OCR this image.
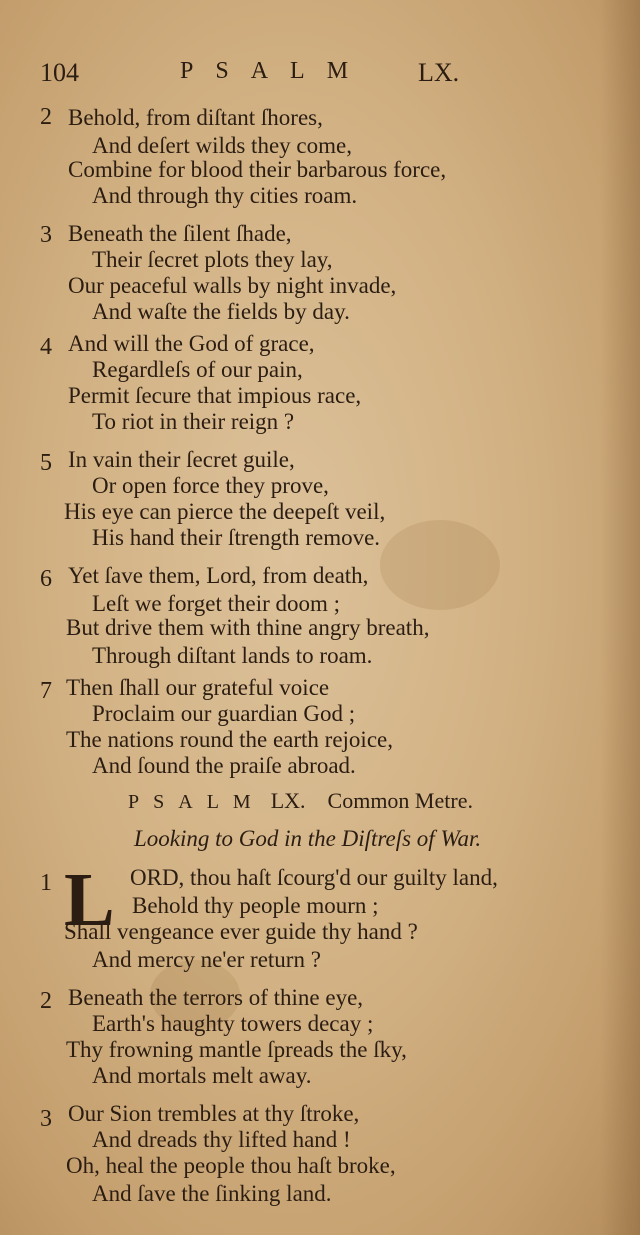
104	PSALM LX.
2 Behold, from diſtant ſhores,
And deſert wilds they come,
Combine for blood their barbarous force,
And through thy cities roam.
3 Beneath the ſilent ſhade,
Their ſecret plots they lay,
Our peaceful walls by night invade,
And waſte the fields by day.
4 And will the God of grace,
Regardleſs of our pain,
Permit ſecure that impious race,
To riot in their reign ?
5 In vain their ſecret guile,
Or open force they prove,
His eye can pierce the deepeſt veil,
His hand their ſtrength remove.
6 Yet ſave them, Lord, from death,
Leſt we forget their doom ;
But drive them with thine angry breath,
Through diſtant lands to roam.
7 Then ſhall our grateful voice
Proclaim our guardian God ;
The nations round the earth rejoice,
And ſound the praiſe abroad.
PSALM LX. Common Metre.
Looking to God in the Diſtreſs of War.
1 L ORD, thou haſt ſcourg'd our guilty land,
Behold thy people mourn ;
Shall vengeance ever guide thy hand ?
And mercy ne'er return ?
2 Beneath the terrors of thine eye,
Earth's haughty towers decay ;
Thy frowning mantle ſpreads the ſky,
And mortals melt away.
3 Our Sion trembles at thy ſtroke,
And dreads thy lifted hand !
Oh, heal the people thou haſt broke,
And ſave the ſinking land.
